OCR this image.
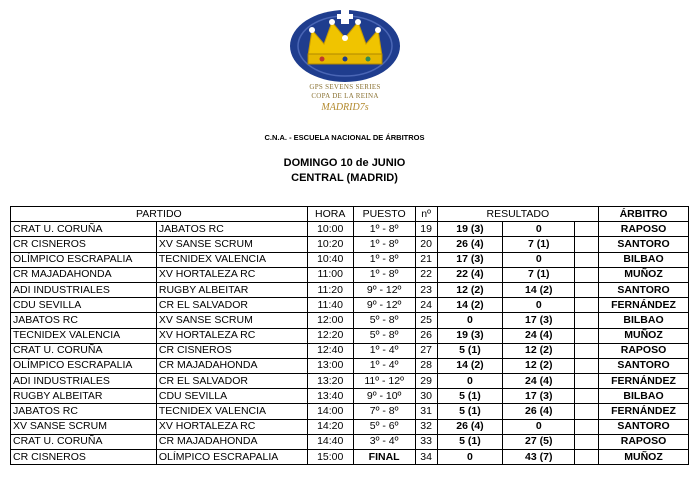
GPS SEVENS SERIES
COPA DE LA REINA
MADRID7s
C.N.A. - ESCUELA NACIONAL DE ÁRBITROS
DOMINGO 10 de JUNIO
CENTRAL (MADRID)
PARTIDO		HORA	PUESTO	nº	RESULTADO			ÁRBITRO
CRAT U. CORUÑA	JABATOS RC	10:00	1º - 8º	19	19 (3)	0		RAPOSO
CR CISNEROS	XV SANSE SCRUM	10:20	1º - 8º	20	26 (4)	7 (1)		SANTORO
OLÍMPICO ESCRAPALIA	TECNIDEX VALENCIA	10:40	1º - 8º	21	17 (3)	0		BILBAO
CR MAJADAHONDA	XV HORTALEZA RC	11:00	1º - 8º	22	22 (4)	7 (1)		MUÑOZ
ADI INDUSTRIALES	RUGBY ALBEITAR	11:20	9º - 12º	23	12 (2)	14 (2)		SANTORO
CDU SEVILLA	CR EL SALVADOR	11:40	9º - 12º	24	14 (2)	0		FERNÁNDEZ
JABATOS RC	XV SANSE SCRUM	12:00	5º - 8º	25	0	17 (3)		BILBAO
TECNIDEX VALENCIA	XV HORTALEZA RC	12:20	5º - 8º	26	19 (3)	24 (4)		MUÑOZ
CRAT U. CORUÑA	CR CISNEROS	12:40	1º - 4º	27	5 (1)	12 (2)		RAPOSO
OLÍMPICO ESCRAPALIA	CR MAJADAHONDA	13:00	1º - 4º	28	14 (2)	12 (2)		SANTORO
ADI INDUSTRIALES	CR EL SALVADOR	13:20	11º - 12º	29	0	24 (4)		FERNÁNDEZ
RUGBY ALBEITAR	CDU SEVILLA	13:40	9º - 10º	30	5 (1)	17 (3)		BILBAO
JABATOS RC	TECNIDEX VALENCIA	14:00	7º - 8º	31	5 (1)	26 (4)		FERNÁNDEZ
XV SANSE SCRUM	XV HORTALEZA RC	14:20	5º - 6º	32	26 (4)	0		SANTORO
CRAT U. CORUÑA	CR MAJADAHONDA	14:40	3º - 4º	33	5 (1)	27 (5)		RAPOSO
CR CISNEROS	OLÍMPICO ESCRAPALIA	15:00	FINAL	34	0	43 (7)		MUÑOZ
